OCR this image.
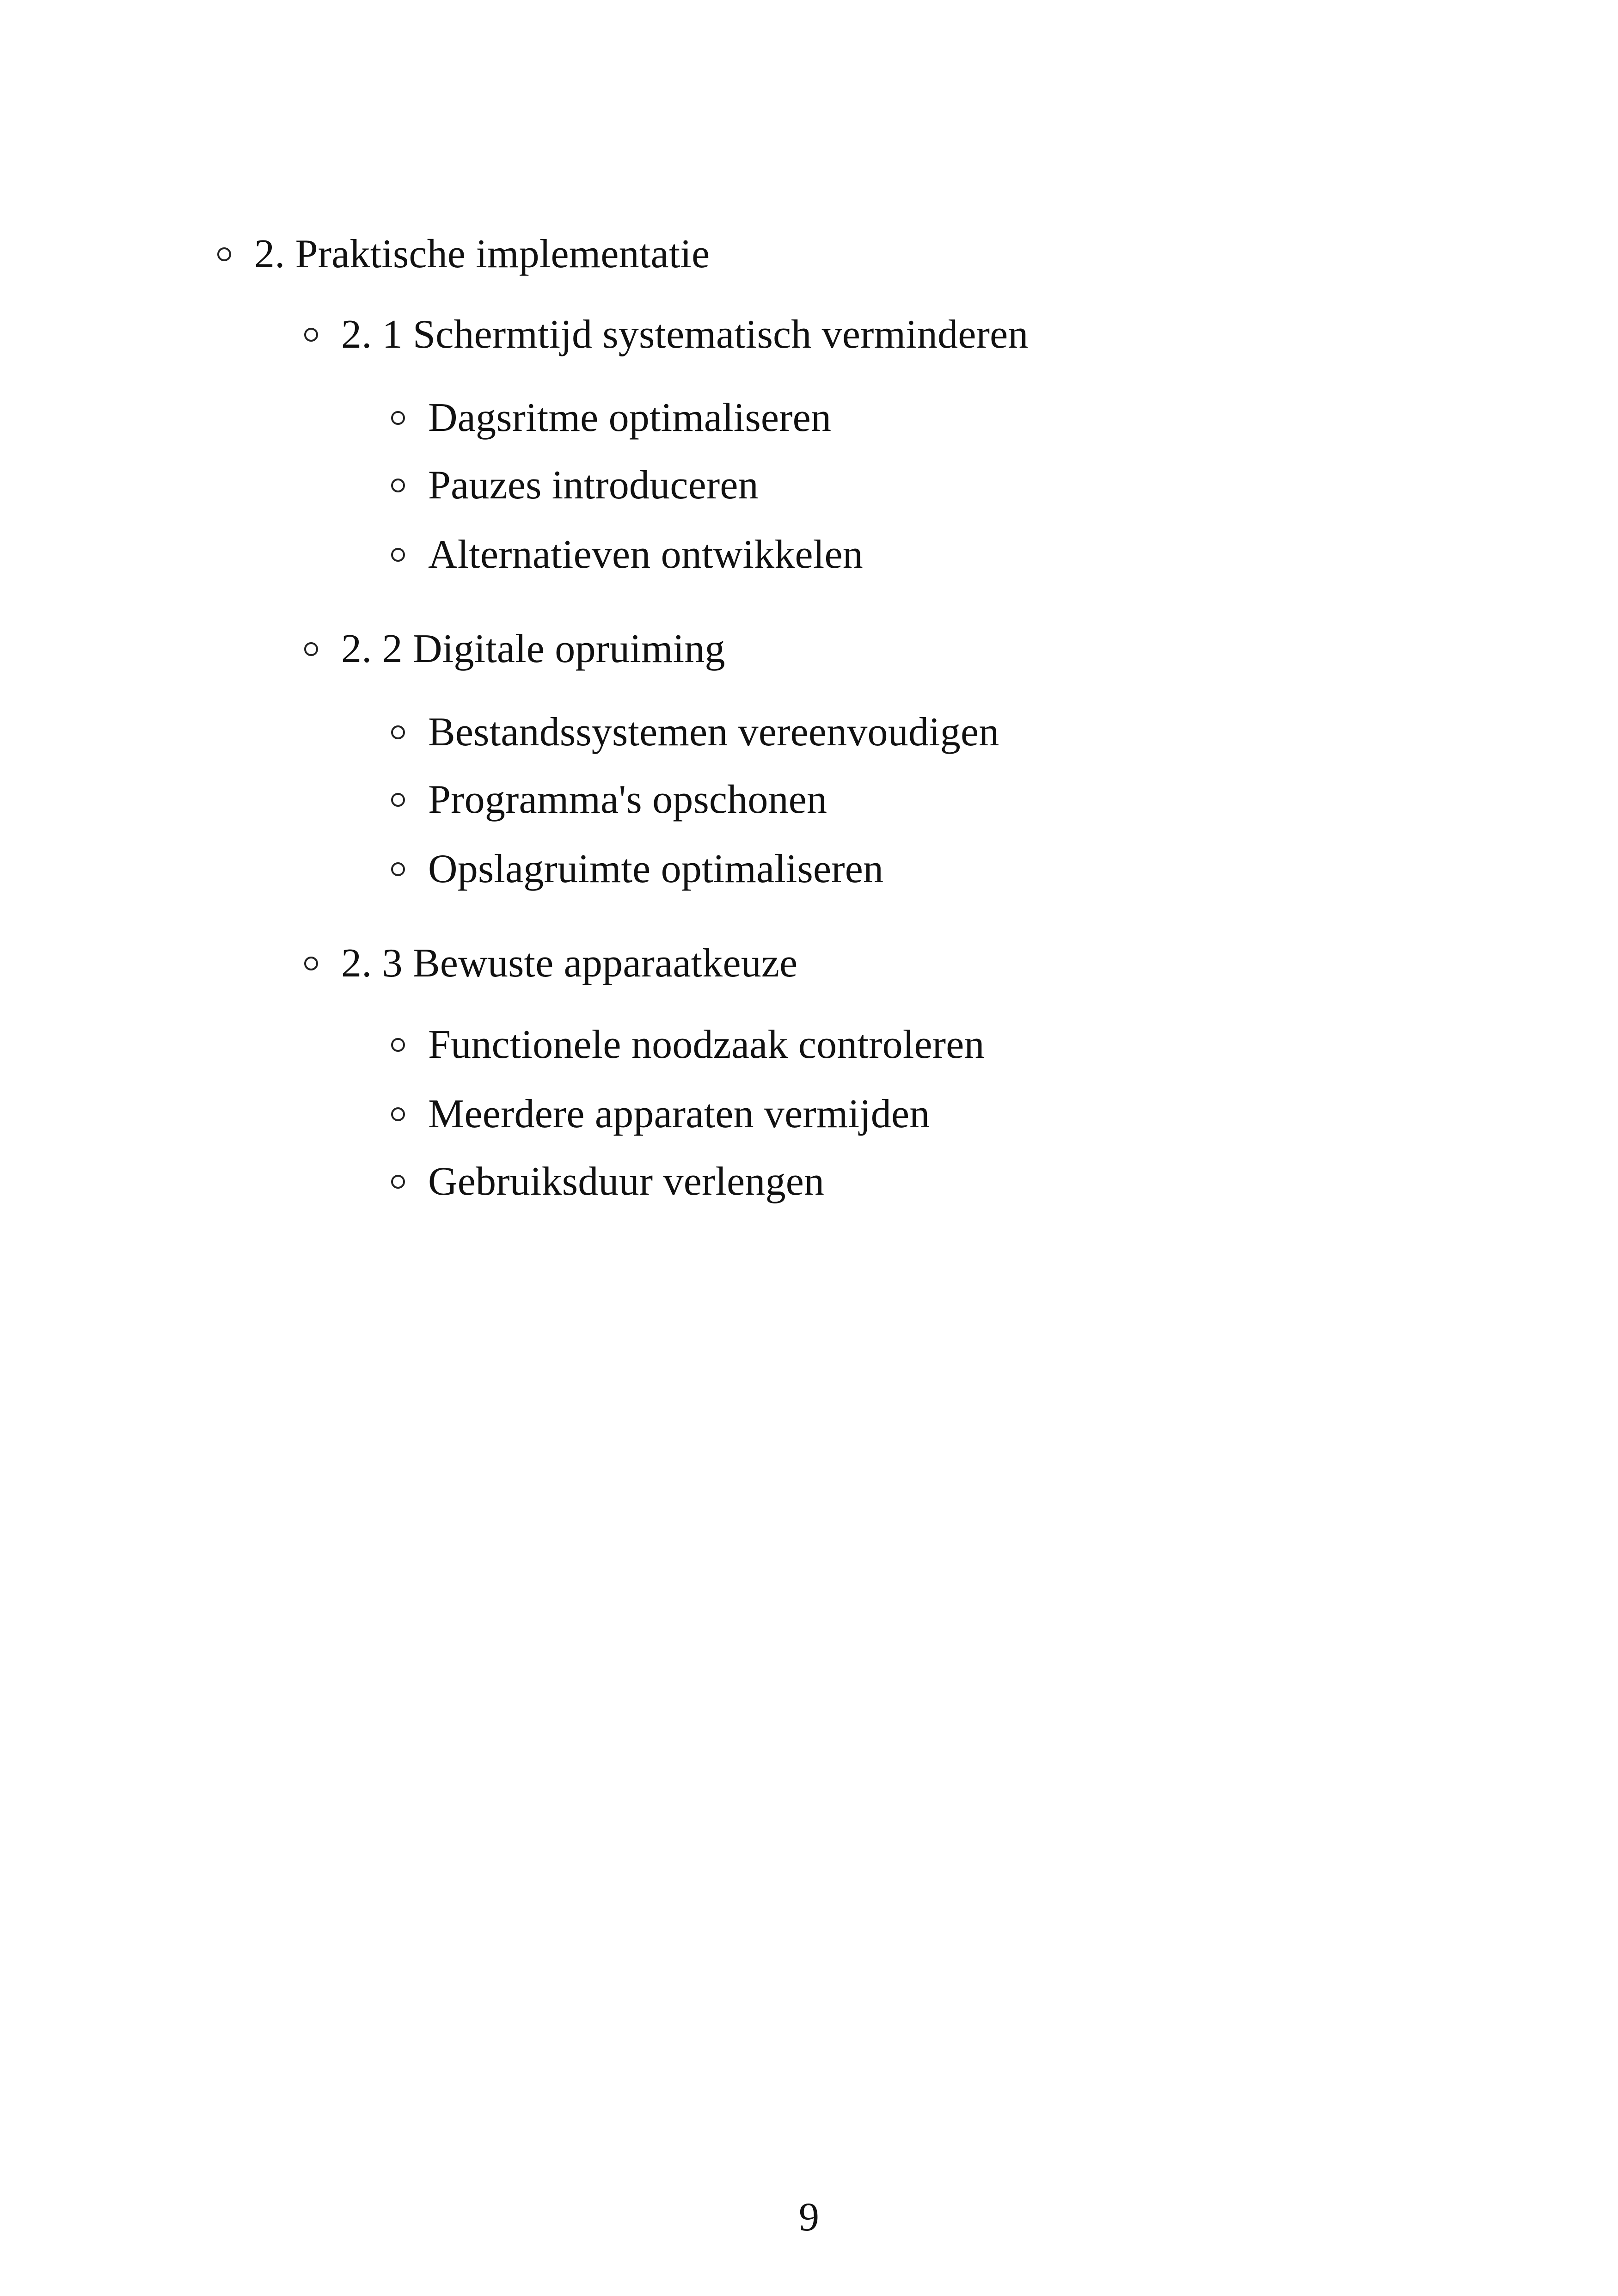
2. Praktische implementatie
2. 1 Schermtijd systematisch verminderen
Dagsritme optimaliseren
Pauzes introduceren
Alternatieven ontwikkelen
2. 2 Digitale opruiming
Bestandssystemen vereenvoudigen
Programma's opschonen
Opslagruimte optimaliseren
2. 3 Bewuste apparaatkeuze
Functionele noodzaak controleren
Meerdere apparaten vermijden
Gebruiksduur verlengen
9
